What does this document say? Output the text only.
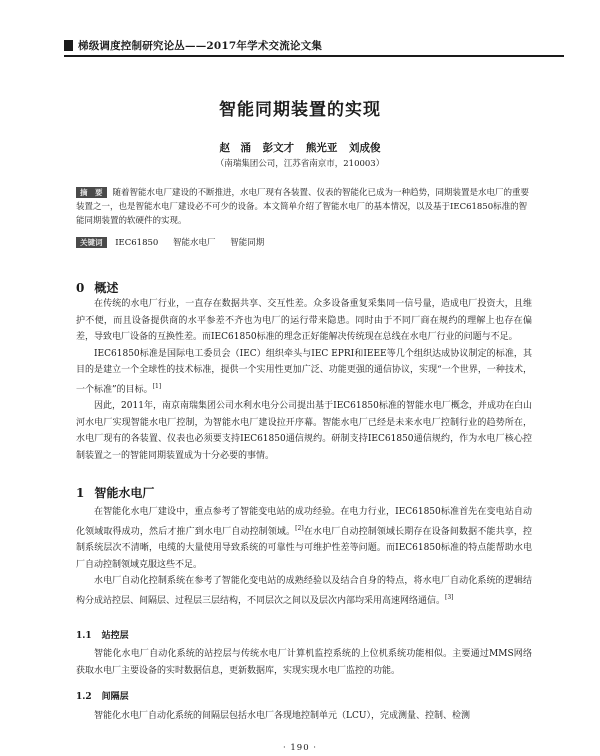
梯级调度控制研究论丛——2017年学术交流论文集
智能同期装置的实现
赵　涌 彭文才 熊光亚 刘成俊
（南瑞集团公司，江苏省南京市，210003）
摘　要 随着智能水电厂建设的不断推进，水电厂现有各装置、仪表的智能化已成为一种趋势，同期装置是水电厂的重要装置之一，也是智能水电厂建设必不可少的设备。本文简单介绍了智能水电厂的基本情况，以及基于IEC61850标准的智能同期装置的软硬件的实现。
关键词 IEC61850 智能水电厂 智能同期
0 概述

在传统的水电厂行业，一直存在数据共享、交互性差。众多设备重复采集同一信号量，造成电厂投资大，且维护不便，而且设备提供商的水平参差不齐也为电厂的运行带来隐患。同时由于不同厂商在规约的理解上也存在偏差，导致电厂设备的互换性差。而IEC61850标准的理念正好能解决传统现在总线在水电厂行业的问题与不足。

IEC61850标准是国际电工委员会（IEC）组织牵头与IEC EPRI和IEEE等几个组织达成协议制定的标准，其目的是建立一个全球性的技术标准，提供一个实用性更加广泛、功能更强的通信协议，实现“一个世界，一种技术，一个标准”的目标。[1]

因此，2011年，南京南瑞集团公司水利水电分公司提出基于IEC61850标准的智能水电厂概念，并成功在白山河水电厂实现智能水电厂控制，为智能水电厂建设拉开序幕。智能水电厂已经是未来水电厂控制行业的趋势所在，水电厂现有的各装置、仪表也必须要支持IEC61850通信规约。研制支持IEC61850通信规约，作为水电厂核心控制装置之一的智能同期装置成为十分必要的事情。

1 智能水电厂

在智能化水电厂建设中，重点参考了智能变电站的成功经验。在电力行业，IEC61850标准首先在变电站自动化领域取得成功，然后才推广到水电厂自动控制领域。[2]在水电厂自动控制领域长期存在设备间数据不能共享，控制系统层次不清晰，电缆的大量使用导致系统的可靠性与可维护性差等问题。而IEC61850标准的特点能帮助水电厂自动控制领域克服这些不足。

水电厂自动化控制系统在参考了智能化变电站的成熟经验以及结合自身的特点，将水电厂自动化系统的逻辑结构分成站控层、间隔层、过程层三层结构，不同层次之间以及层次内部均采用高速网络通信。[3]

1.1 站控层

智能化水电厂自动化系统的站控层与传统水电厂计算机监控系统的上位机系统功能相似。主要通过MMS网络获取水电厂主要设备的实时数据信息，更新数据库，实现实现水电厂监控的功能。

1.2 间隔层

智能化水电厂自动化系统的间隔层包括水电厂各现地控制单元（LCU），完成测量、控制、检测

· 190 ·
